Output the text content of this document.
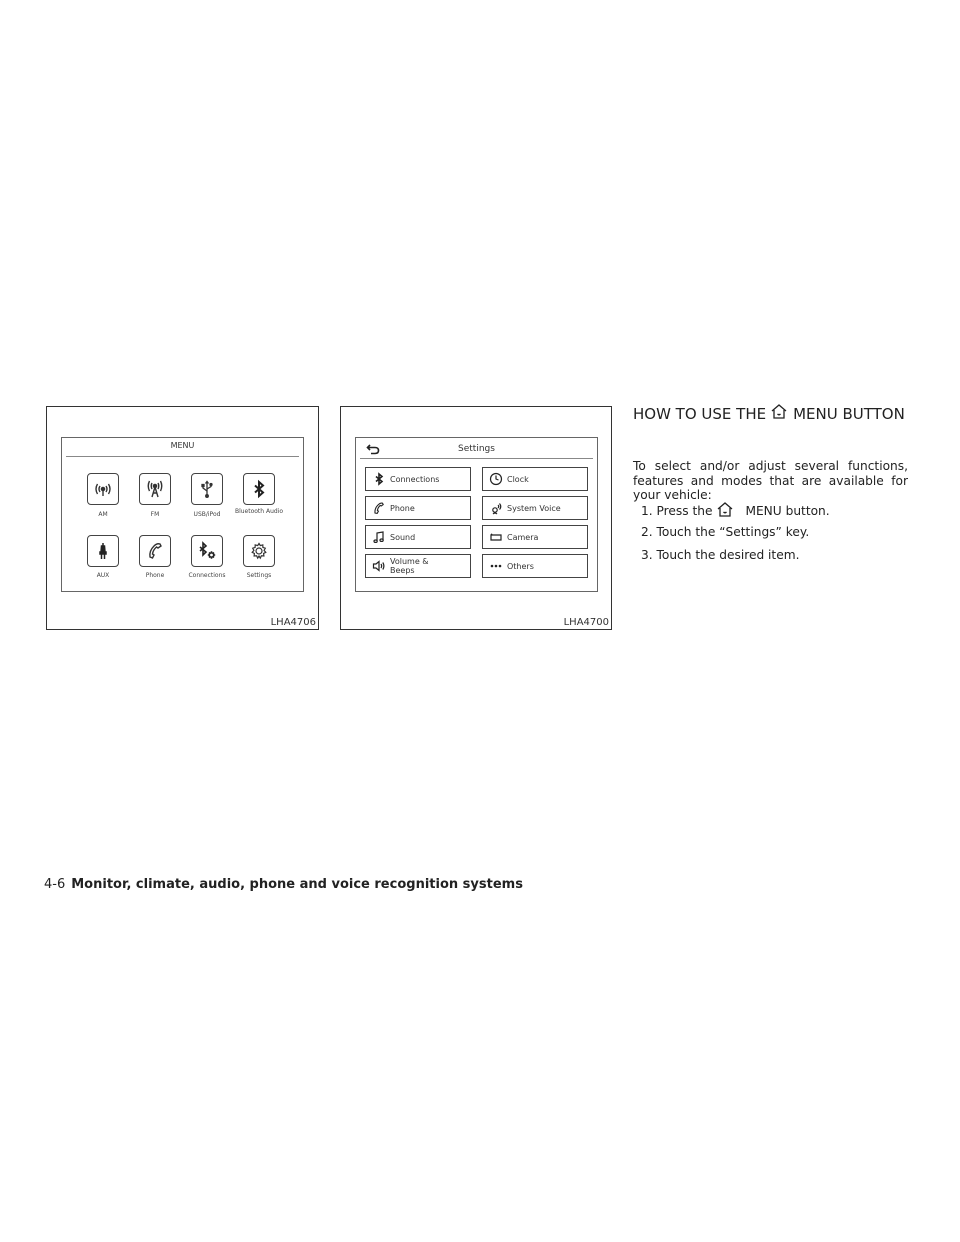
MENU
AM	FM	USB/iPod	Bluetooth Audio
AUX	Phone	Connections	Settings
LHA4706
Settings
Connections	Clock
Phone	System Voice
Sound	Camera
Volume & Beeps	Others
LHA4700
HOW TO USE THE MENU BUTTON
To select and/or adjust several functions, features and modes that are available for your vehicle:
1. Press the	MENU button.
2. Touch the “Settings” key.
3. Touch the desired item.
4-6 Monitor, climate, audio, phone and voice recognition systems
